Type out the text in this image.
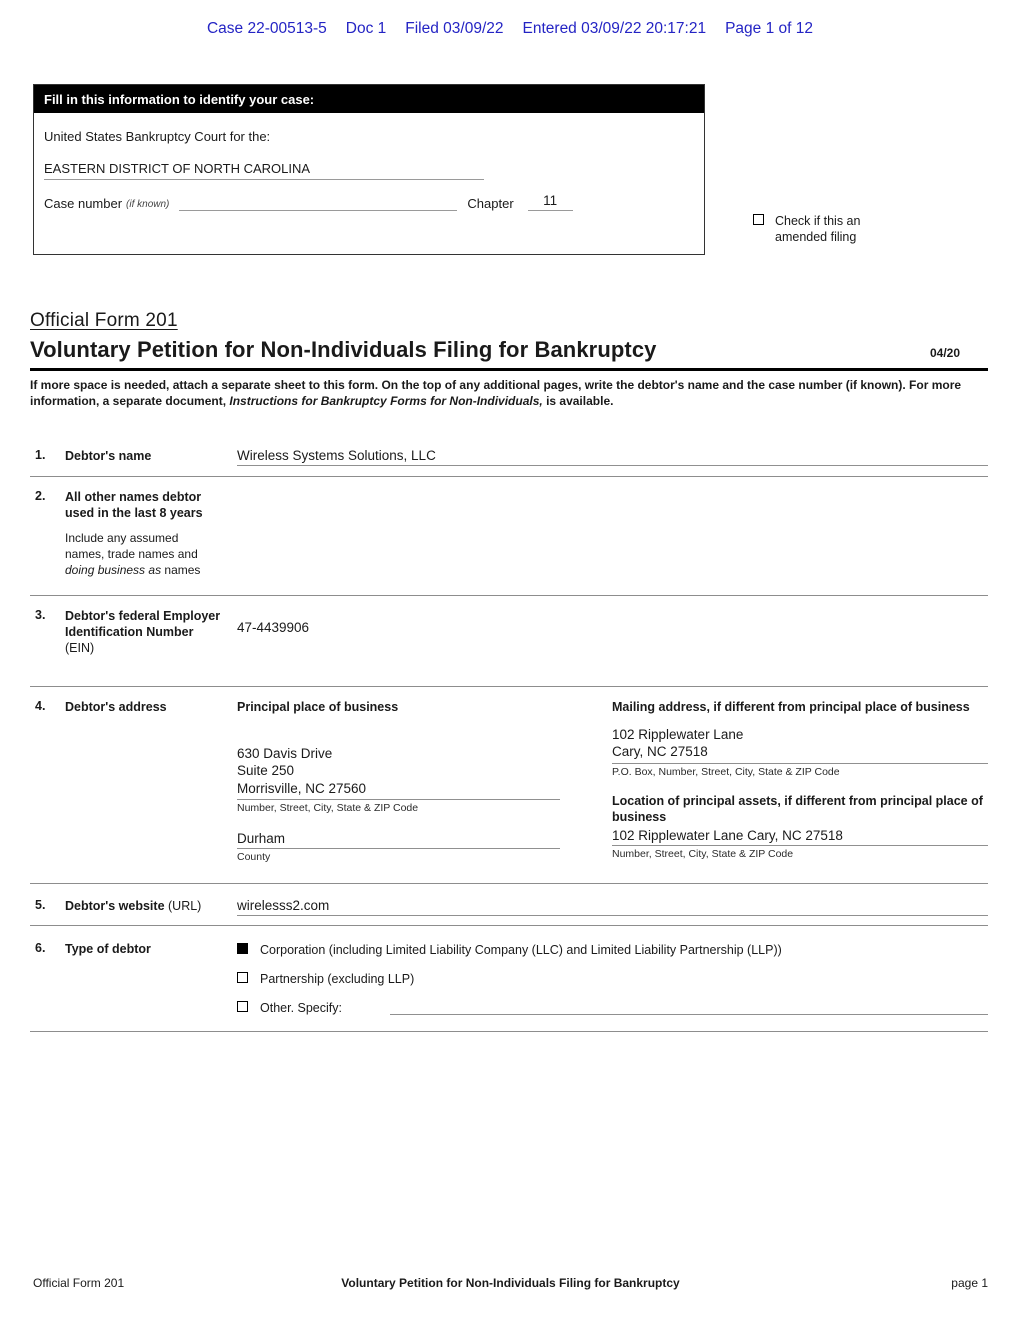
Case 22-00513-5 Doc 1 Filed 03/09/22 Entered 03/09/22 20:17:21 Page 1 of 12
Fill in this information to identify your case:
United States Bankruptcy Court for the:
EASTERN DISTRICT OF NORTH CAROLINA
Case number (if known)	Chapter	11
Check if this an amended filing
Official Form 201
Voluntary Petition for Non-Individuals Filing for Bankruptcy	04/20
If more space is needed, attach a separate sheet to this form. On the top of any additional pages, write the debtor's name and the case number (if known). For more information, a separate document, Instructions for Bankruptcy Forms for Non-Individuals, is available.
1.	Debtor's name	Wireless Systems Solutions, LLC
2.	All other names debtor used in the last 8 years
Include any assumed names, trade names and doing business as names
3.	Debtor's federal Employer Identification Number (EIN)
47-4439906
4.	Debtor's address	Principal place of business
630 Davis Drive
Suite 250
Morrisville, NC 27560
Number, Street, City, State & ZIP Code
Durham
County
Mailing address, if different from principal place of business
102 Ripplewater Lane
Cary, NC 27518
P.O. Box, Number, Street, City, State & ZIP Code
Location of principal assets, if different from principal place of business
102 Ripplewater Lane Cary, NC 27518
Number, Street, City, State & ZIP Code
5.	Debtor's website (URL)	wirelesss2.com
6.	Type of debtor	Corporation (including Limited Liability Company (LLC) and Limited Liability Partnership (LLP))
Partnership (excluding LLP)
Other. Specify:
Official Form 201	Voluntary Petition for Non-Individuals Filing for Bankruptcy	page 1
